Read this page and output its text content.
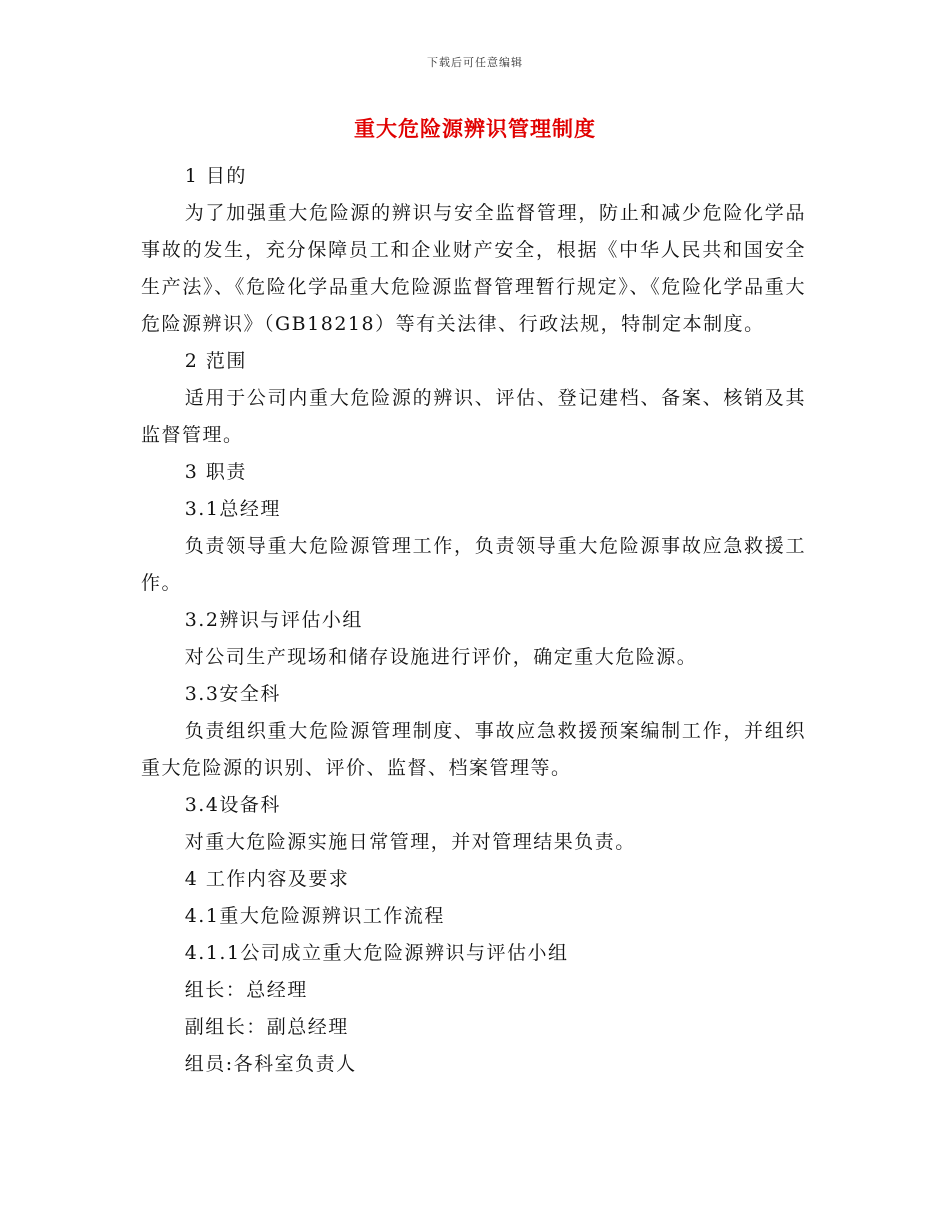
下载后可任意编辑
重大危险源辨识管理制度

1 目的

为了加强重大危险源的辨识与安全监督管理，防止和减少危险化学品事故的发生，充分保障员工和企业财产安全，根据《中华人民共和国安全生产法》、《危险化学品重大危险源监督管理暂行规定》、《危险化学品重大危险源辨识》（GB18218）等有关法律、行政法规，特制定本制度。

2 范围

适用于公司内重大危险源的辨识、评估、登记建档、备案、核销及其监督管理。

3 职责

3.1总经理

负责领导重大危险源管理工作，负责领导重大危险源事故应急救援工作。

3.2辨识与评估小组

对公司生产现场和储存设施进行评价，确定重大危险源。

3.3安全科

负责组织重大危险源管理制度、事故应急救援预案编制工作，并组织重大危险源的识别、评价、监督、档案管理等。

3.4设备科

对重大危险源实施日常管理，并对管理结果负责。

4 工作内容及要求

4.1重大危险源辨识工作流程

4.1.1公司成立重大危险源辨识与评估小组

组长：总经理

副组长：副总经理

组员:各科室负责人
